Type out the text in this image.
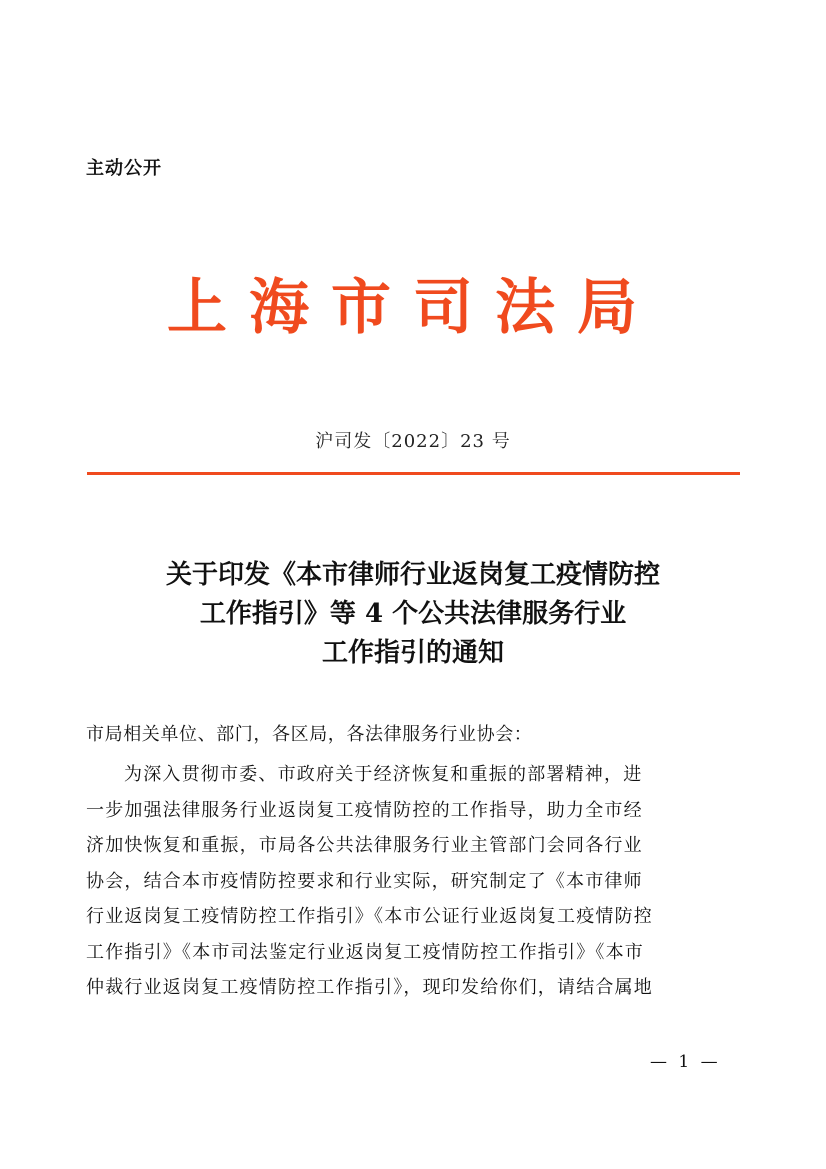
主动公开
上海市司法局
沪司发〔2022〕23 号
关于印发《本市律师行业返岗复工疫情防控
工作指引》等 4 个公共法律服务行业
工作指引的通知
市局相关单位、部门，各区局，各法律服务行业协会：
为深入贯彻市委、市政府关于经济恢复和重振的部署精神，进
一步加强法律服务行业返岗复工疫情防控的工作指导，助力全市经
济加快恢复和重振，市局各公共法律服务行业主管部门会同各行业
协会，结合本市疫情防控要求和行业实际，研究制定了《本市律师
行业返岗复工疫情防控工作指引》《本市公证行业返岗复工疫情防控
工作指引》《本市司法鉴定行业返岗复工疫情防控工作指引》《本市
仲裁行业返岗复工疫情防控工作指引》，现印发给你们，请结合属地
— 1 —
